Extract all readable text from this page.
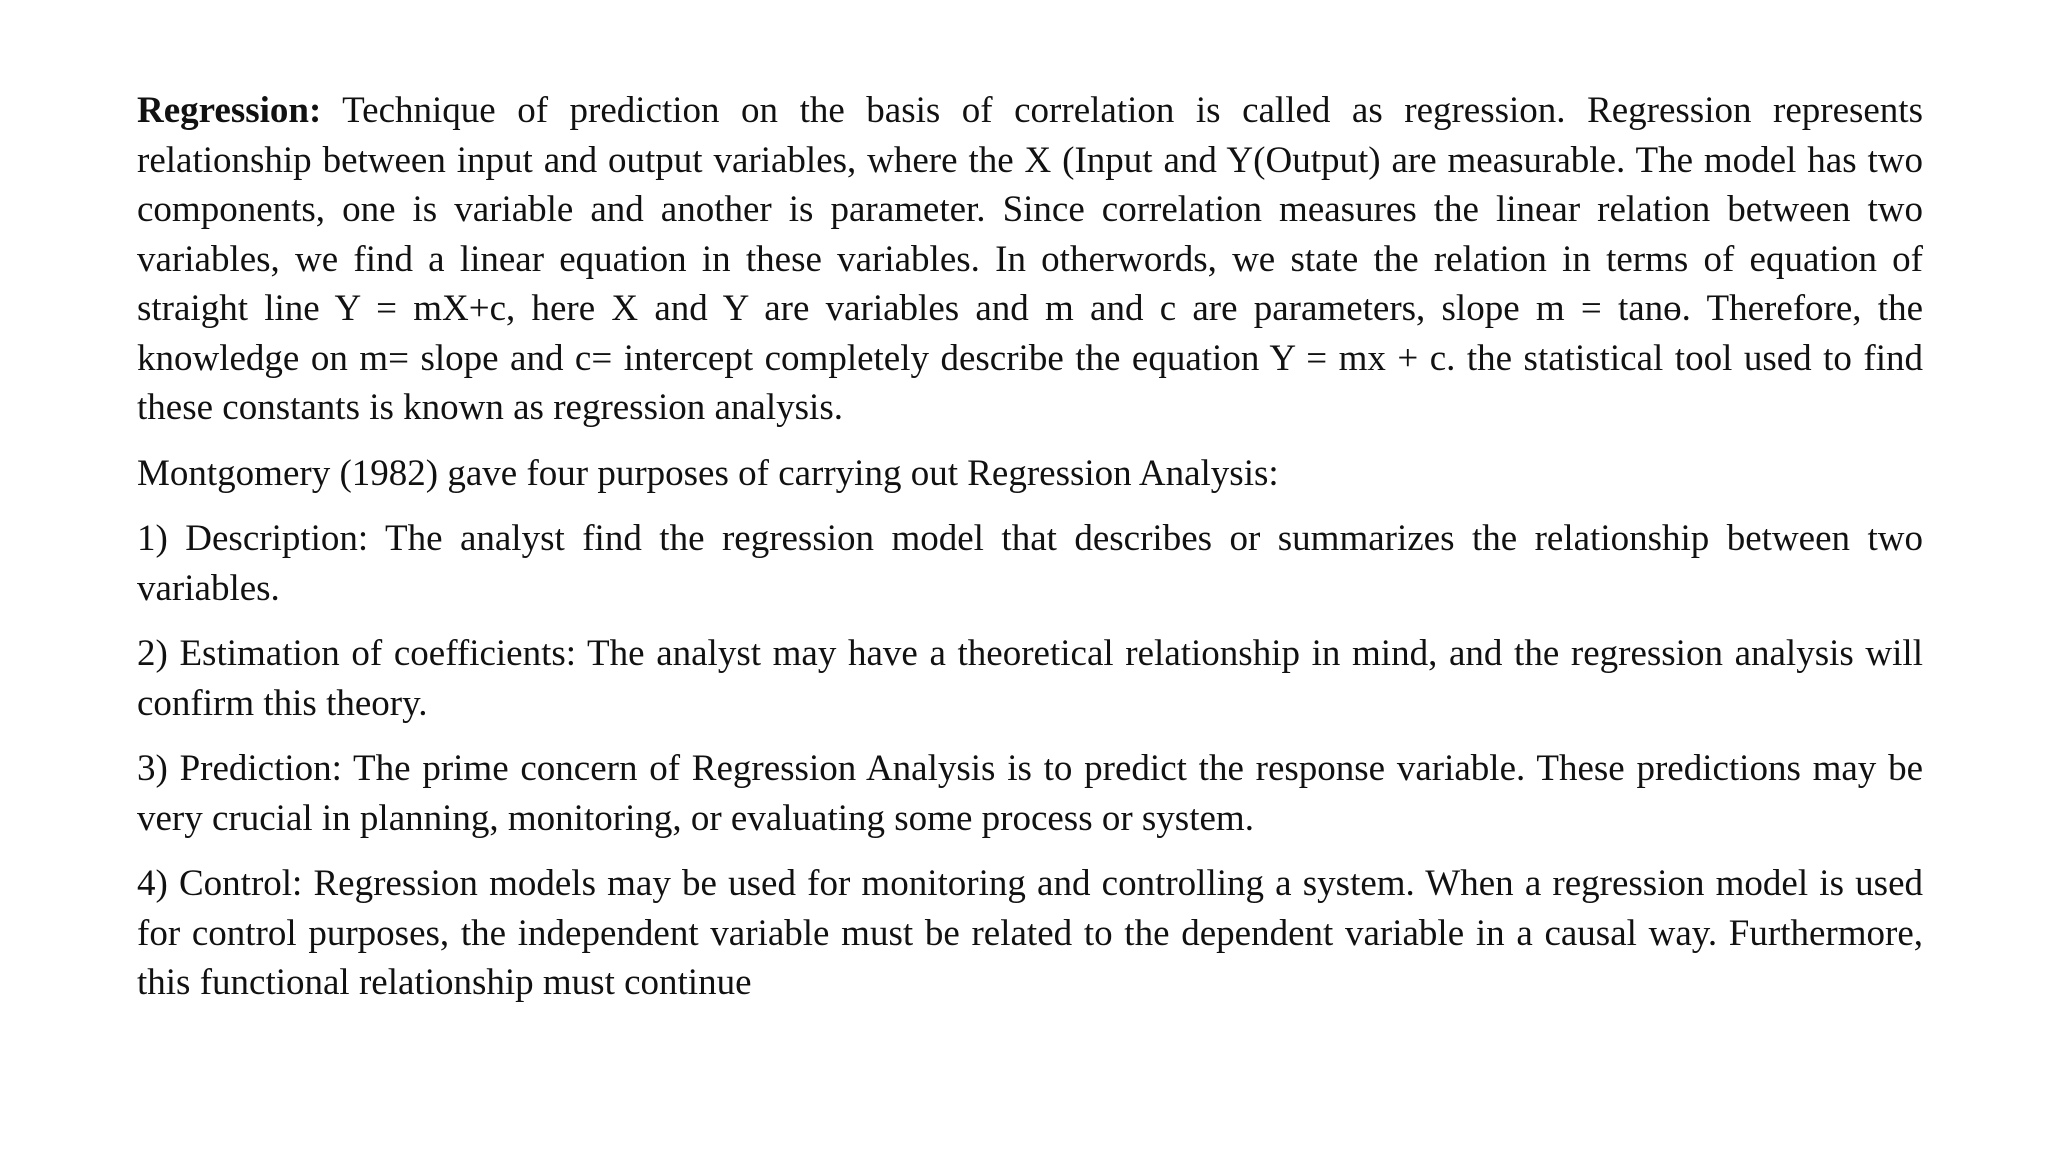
Regression: Technique of prediction on the basis of correlation is called as regression. Regression represents relationship between input and output variables, where the X (Input and Y(Output) are measurable. The model has two components, one is variable and another is parameter. Since correlation measures the linear relation between two variables, we find a linear equation in these variables. In otherwords, we state the relation in terms of equation of straight line Y = mX+c, here X and Y are variables and m and c are parameters, slope m = tanɵ. Therefore, the knowledge on m= slope and c= intercept completely describe the equation Y = mx + c. the statistical tool used to find these constants is known as regression analysis.

Montgomery (1982) gave four purposes of carrying out Regression Analysis:

1) Description: The analyst find the regression model that describes or summarizes the relationship between two variables.

2) Estimation of coefficients: The analyst may have a theoretical relationship in mind, and the regression analysis will confirm this theory.

3) Prediction: The prime concern of Regression Analysis is to predict the response variable. These predictions may be very crucial in planning, monitoring, or evaluating some process or system.

4) Control: Regression models may be used for monitoring and controlling a system. When a regression model is used for control purposes, the independent variable must be related to the dependent variable in a causal way. Furthermore, this functional relationship must continue
